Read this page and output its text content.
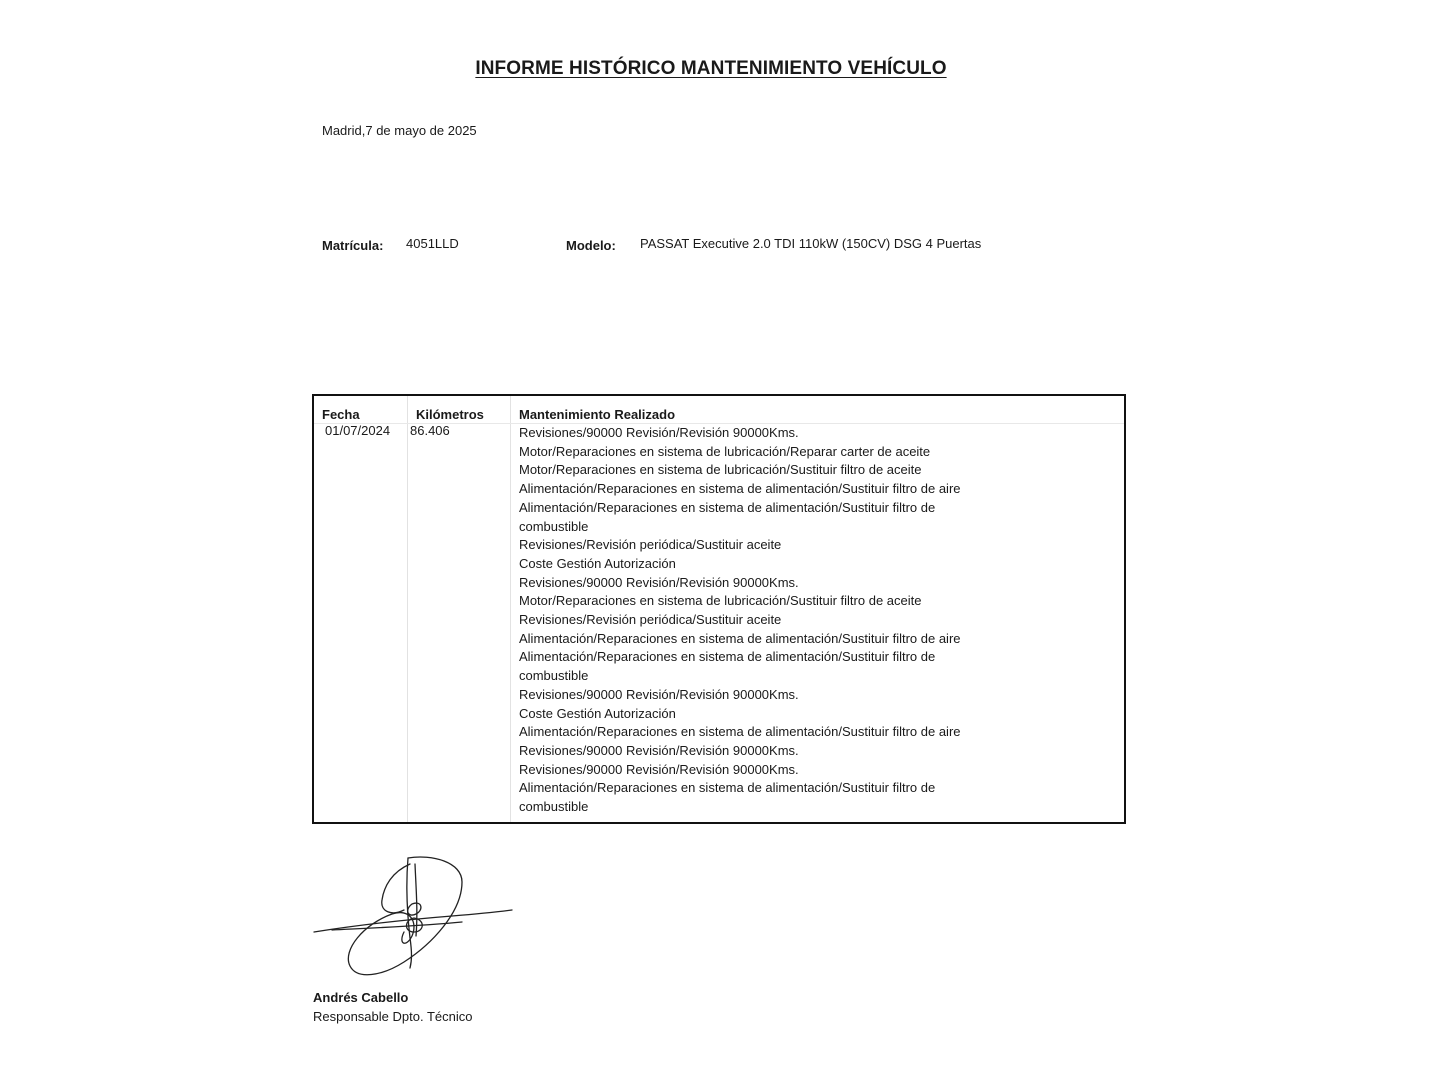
INFORME HISTÓRICO MANTENIMIENTO VEHÍCULO
Madrid,7 de mayo de 2025
Matrícula: 4051LLD	Modelo: PASSAT Executive 2.0 TDI 110kW (150CV) DSG 4 Puertas
Fecha	Kilómetros	Mantenimiento Realizado
01/07/2024 86.406	Revisiones/90000 Revisión/Revisión 90000Kms.
Motor/Reparaciones en sistema de lubricación/Reparar carter de aceite
Motor/Reparaciones en sistema de lubricación/Sustituir filtro de aceite
Alimentación/Reparaciones en sistema de alimentación/Sustituir filtro de aire
Alimentación/Reparaciones en sistema de alimentación/Sustituir filtro de
combustible
Revisiones/Revisión periódica/Sustituir aceite
Coste Gestión Autorización
Revisiones/90000 Revisión/Revisión 90000Kms.
Motor/Reparaciones en sistema de lubricación/Sustituir filtro de aceite
Revisiones/Revisión periódica/Sustituir aceite
Alimentación/Reparaciones en sistema de alimentación/Sustituir filtro de aire
Alimentación/Reparaciones en sistema de alimentación/Sustituir filtro de
combustible
Revisiones/90000 Revisión/Revisión 90000Kms.
Coste Gestión Autorización
Alimentación/Reparaciones en sistema de alimentación/Sustituir filtro de aire
Revisiones/90000 Revisión/Revisión 90000Kms.
Revisiones/90000 Revisión/Revisión 90000Kms.
Alimentación/Reparaciones en sistema de alimentación/Sustituir filtro de
combustible
Andrés Cabello
Responsable Dpto. Técnico
